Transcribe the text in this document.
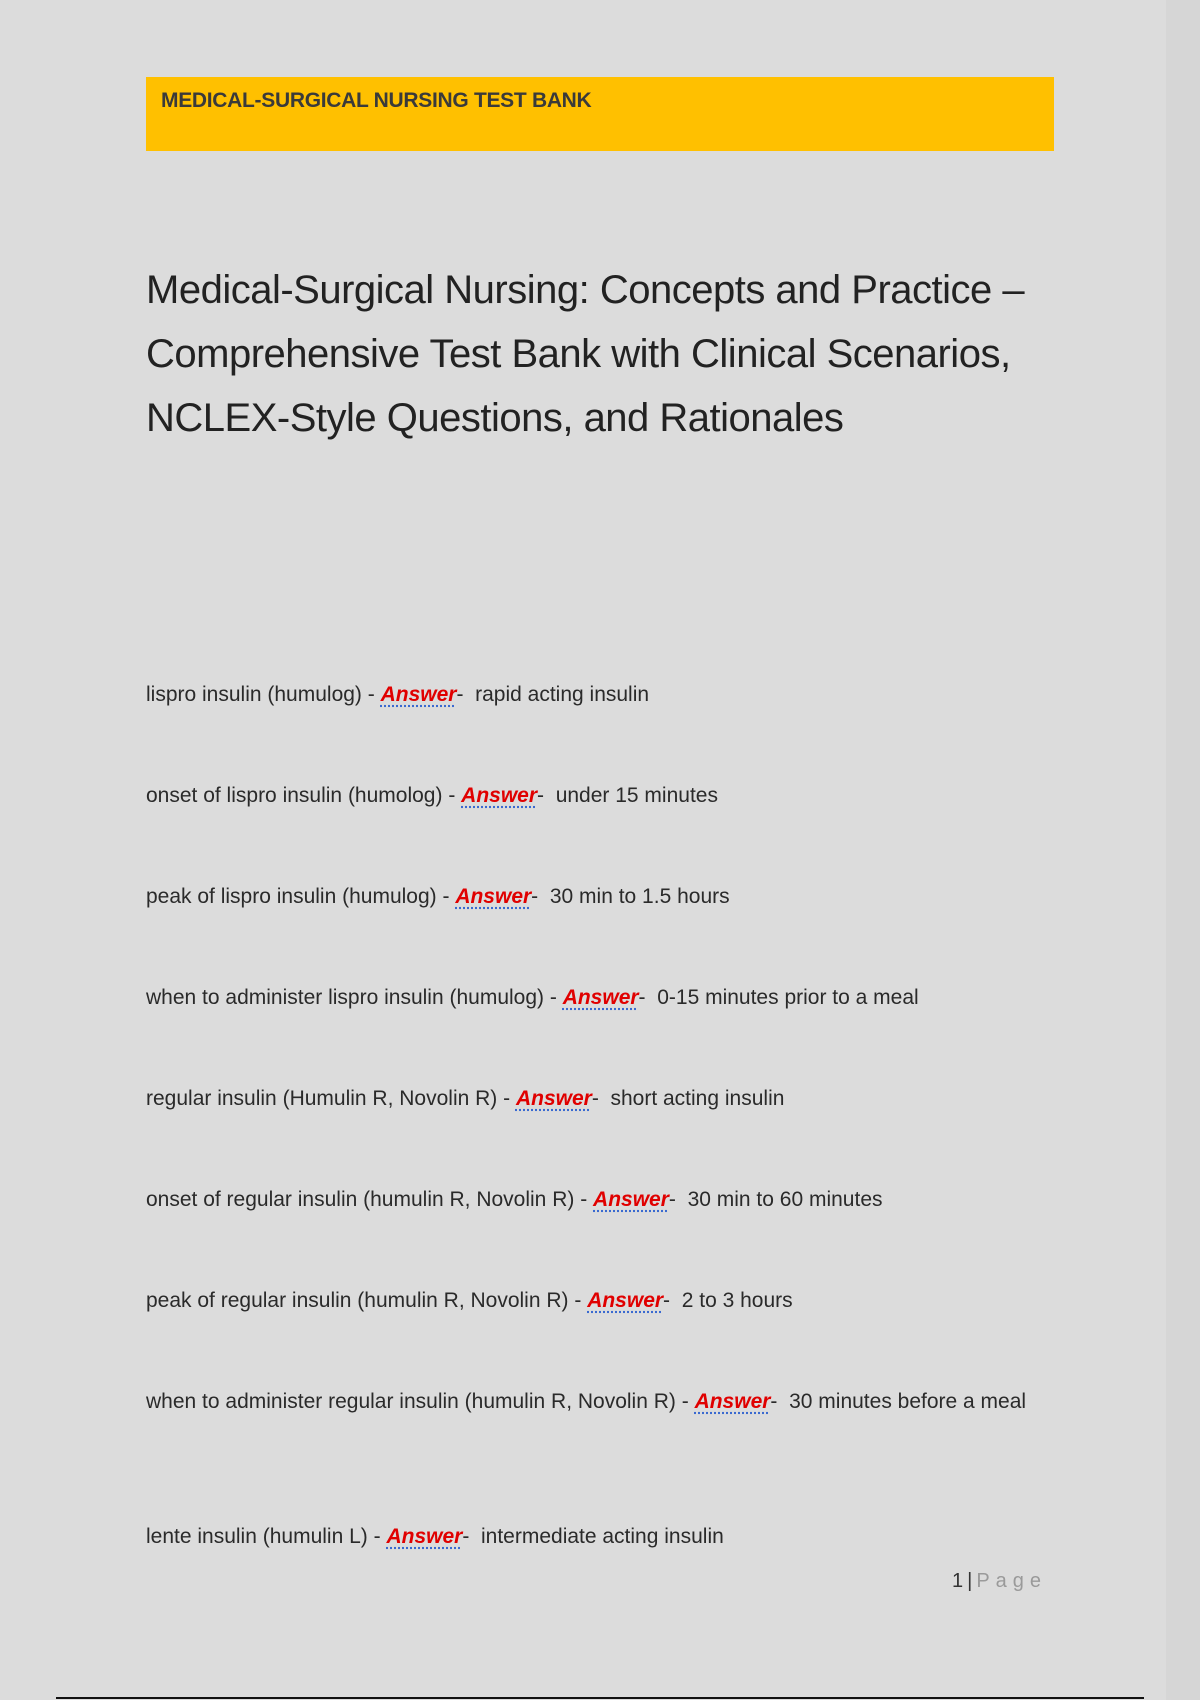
MEDICAL-SURGICAL NURSING TEST BANK
Medical-Surgical Nursing: Concepts and Practice – Comprehensive Test Bank with Clinical Scenarios, NCLEX-Style Questions, and Rationales
lispro insulin (humulog) - Answer-  rapid acting insulin
onset of lispro insulin (humolog) - Answer-  under 15 minutes
peak of lispro insulin (humulog) - Answer-  30 min to 1.5 hours
when to administer lispro insulin (humulog) - Answer-  0-15 minutes prior to a meal
regular insulin (Humulin R, Novolin R) - Answer-  short acting insulin
onset of regular insulin (humulin R, Novolin R) - Answer-  30 min to 60 minutes
peak of regular insulin (humulin R, Novolin R) - Answer-  2 to 3 hours
when to administer regular insulin (humulin R, Novolin R) - Answer-  30 minutes before a meal
lente insulin (humulin L) - Answer-  intermediate acting insulin
1 | Page
